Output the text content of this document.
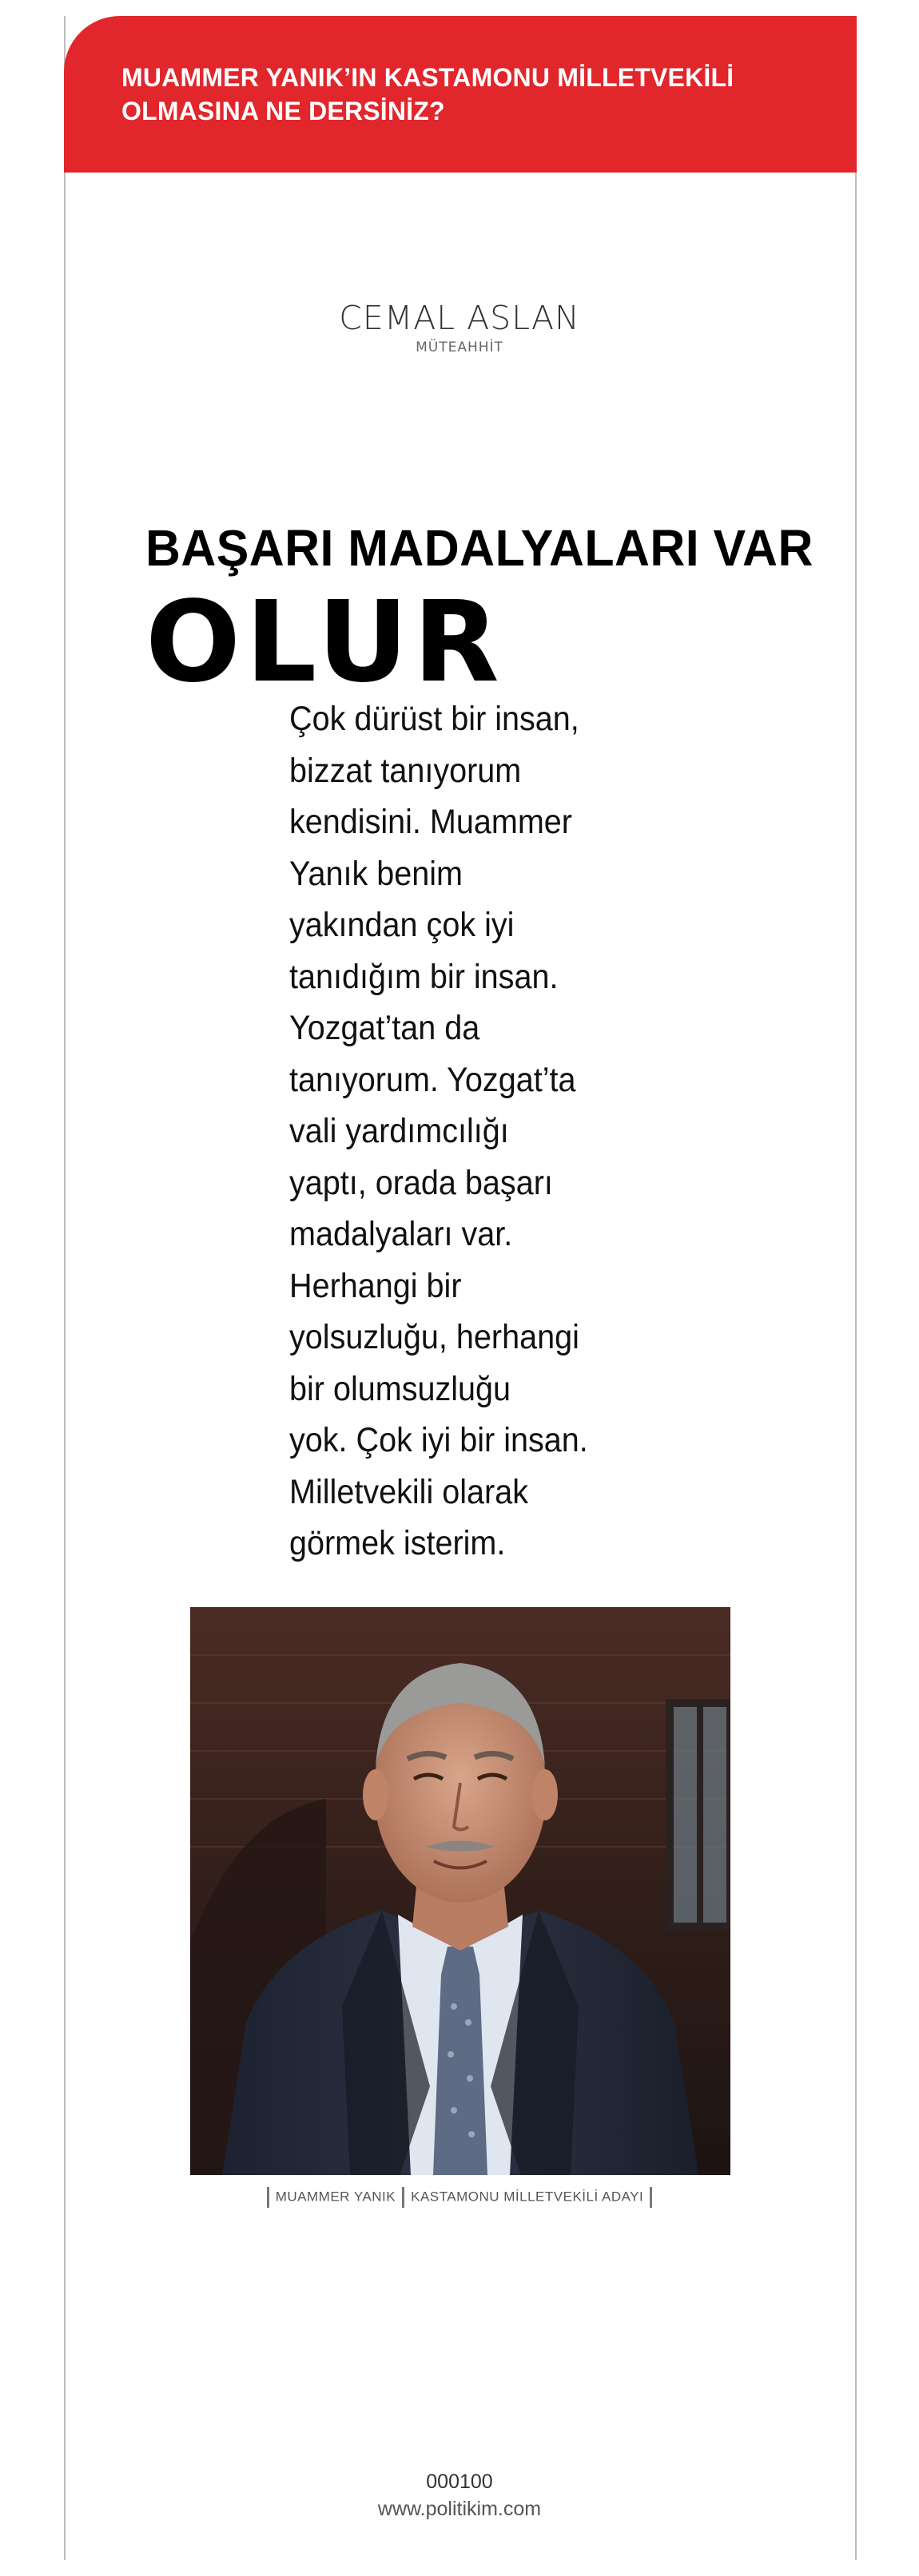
MUAMMER YANIK’IN KASTAMONU MİLLETVEKİLİ
OLMASINA NE DERSİNİZ?
CEMAL ASLAN
MÜTEAHHİT
BAŞARI MADALYALARI VAR
OLUR
Çok dürüst bir insan,
bizzat tanıyorum
kendisini. Muammer
Yanık benim
yakından çok iyi
tanıdığım bir insan.
Yozgat’tan da
tanıyorum. Yozgat’ta
vali yardımcılığı
yaptı, orada başarı
madalyaları var.
Herhangi bir
yolsuzluğu, herhangi
bir olumsuzluğu
yok. Çok iyi bir insan.
Milletvekili olarak
görmek isterim.
MUAMMER YANIK KASTAMONU MİLLETVEKİLİ ADAYI
000100
www.politikim.com
